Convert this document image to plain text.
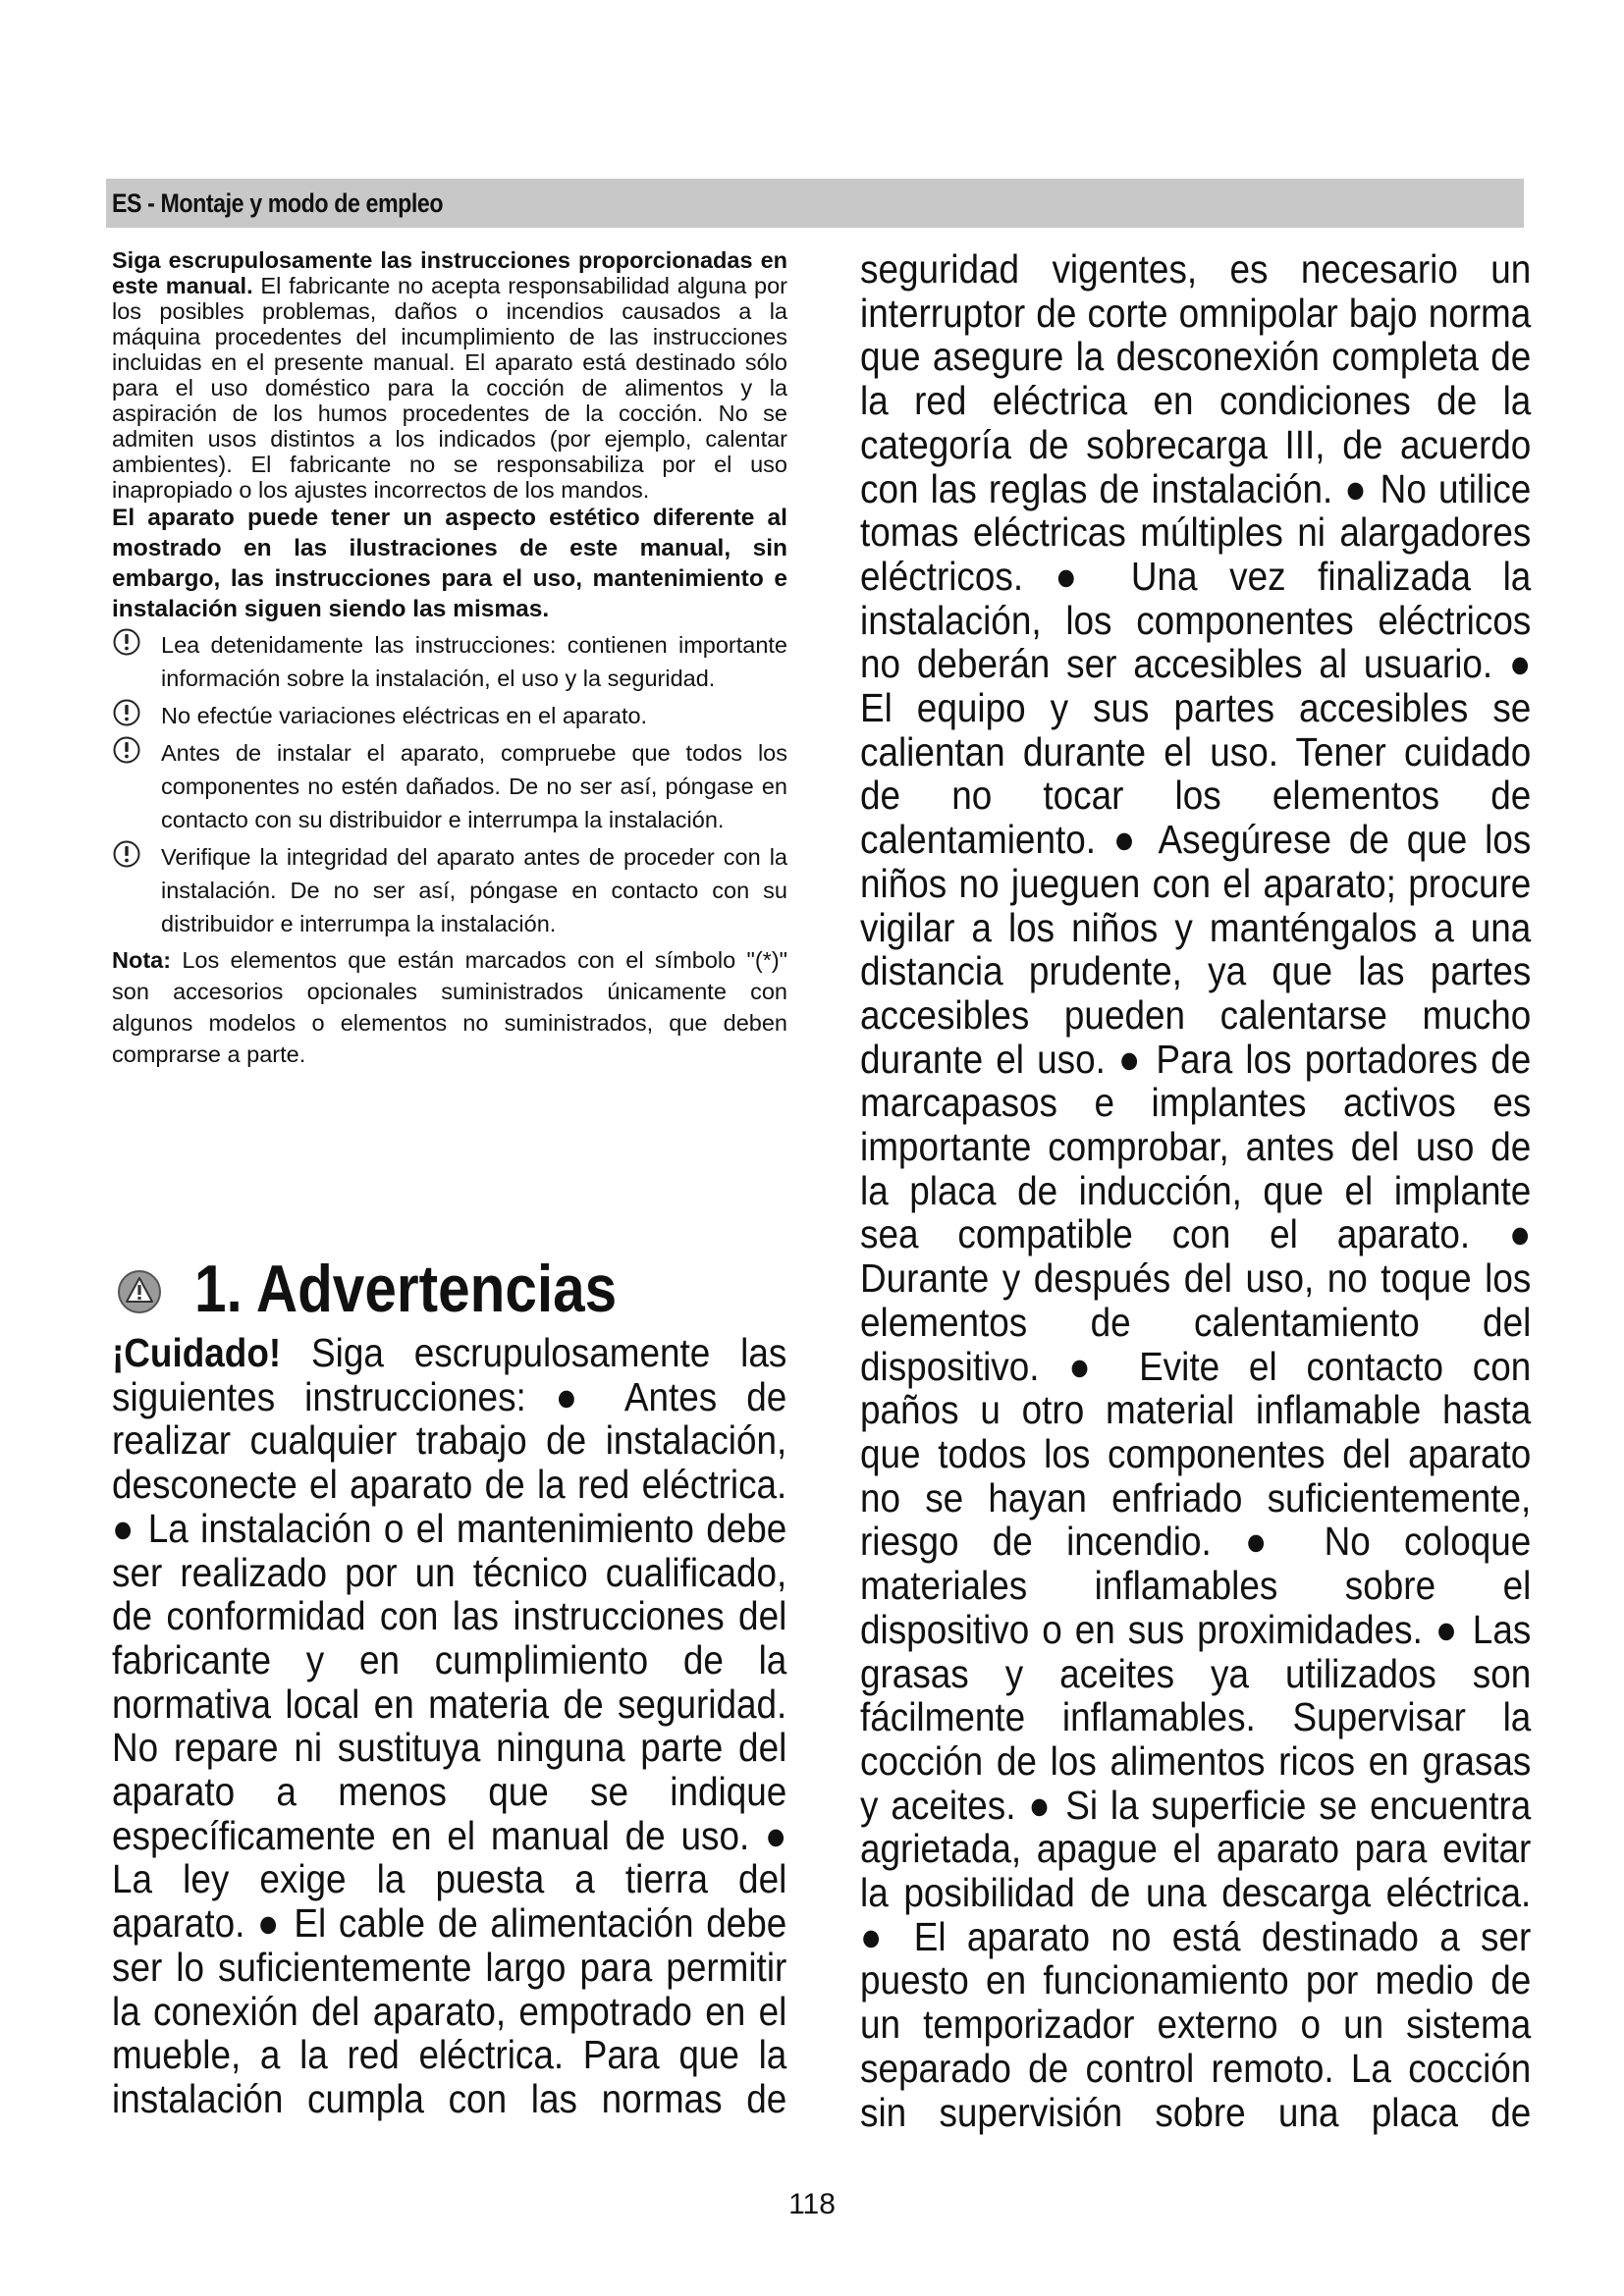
ES - Montaje y modo de empleo

Siga escrupulosamente las instrucciones proporcionadas en este manual. El fabricante no acepta responsabilidad alguna por los posibles problemas, daños o incendios causados a la máquina procedentes del incumplimiento de las instrucciones incluidas en el presente manual. El aparato está destinado sólo para el uso doméstico para la cocción de alimentos y la aspiración de los humos procedentes de la cocción. No se admiten usos distintos a los indicados (por ejemplo, calentar ambientes). El fabricante no se responsabiliza por el uso inapropiado o los ajustes incorrectos de los mandos.

El aparato puede tener un aspecto estético diferente al mostrado en las ilustraciones de este manual, sin embargo, las instrucciones para el uso, mantenimiento e instalación siguen siendo las mismas.

Lea detenidamente las instrucciones: contienen importante información sobre la instalación, el uso y la seguridad.

No efectúe variaciones eléctricas en el aparato.

Antes de instalar el aparato, compruebe que todos los componentes no estén dañados. De no ser así, póngase en contacto con su distribuidor e interrumpa la instalación.

Verifique la integridad del aparato antes de proceder con la instalación. De no ser así, póngase en contacto con su distribuidor e interrumpa la instalación.

Nota: Los elementos que están marcados con el símbolo "(*)" son accesorios opcionales suministrados únicamente con algunos modelos o elementos no suministrados, que deben comprarse a parte.

1. Advertencias
¡Cuidado! Siga escrupulosamente las
siguientes instrucciones: ● Antes de
realizar cualquier trabajo de instalación,
desconecte el aparato de la red eléctrica.
● La instalación o el mantenimiento debe
ser realizado por un técnico cualificado,
de conformidad con las instrucciones del
fabricante y en cumplimiento de la
normativa local en materia de seguridad.
No repare ni sustituya ninguna parte del
aparato a menos que se indique
específicamente en el manual de uso. ●
La ley exige la puesta a tierra del
aparato. ● El cable de alimentación debe
ser lo suficientemente largo para permitir
la conexión del aparato, empotrado en el
mueble, a la red eléctrica. Para que la
instalación cumpla con las normas de
seguridad vigentes, es necesario un
interruptor de corte omnipolar bajo norma
que asegure la desconexión completa de
la red eléctrica en condiciones de la
categoría de sobrecarga III, de acuerdo
con las reglas de instalación. ● No utilice
tomas eléctricas múltiples ni alargadores
eléctricos. ● Una vez finalizada la
instalación, los componentes eléctricos
no deberán ser accesibles al usuario. ●
El equipo y sus partes accesibles se
calientan durante el uso. Tener cuidado
de no tocar los elementos de
calentamiento. ● Asegúrese de que los
niños no jueguen con el aparato; procure
vigilar a los niños y manténgalos a una
distancia prudente, ya que las partes
accesibles pueden calentarse mucho
durante el uso. ● Para los portadores de
marcapasos e implantes activos es
importante comprobar, antes del uso de
la placa de inducción, que el implante
sea compatible con el aparato. ●
Durante y después del uso, no toque los
elementos de calentamiento del
dispositivo. ● Evite el contacto con
paños u otro material inflamable hasta
que todos los componentes del aparato
no se hayan enfriado suficientemente,
riesgo de incendio. ● No coloque
materiales inflamables sobre el
dispositivo o en sus proximidades. ● Las
grasas y aceites ya utilizados son
fácilmente inflamables. Supervisar la
cocción de los alimentos ricos en grasas
y aceites. ● Si la superficie se encuentra
agrietada, apague el aparato para evitar
la posibilidad de una descarga eléctrica.
● El aparato no está destinado a ser
puesto en funcionamiento por medio de
un temporizador externo o un sistema
separado de control remoto. La cocción
sin supervisión sobre una placa de
118
